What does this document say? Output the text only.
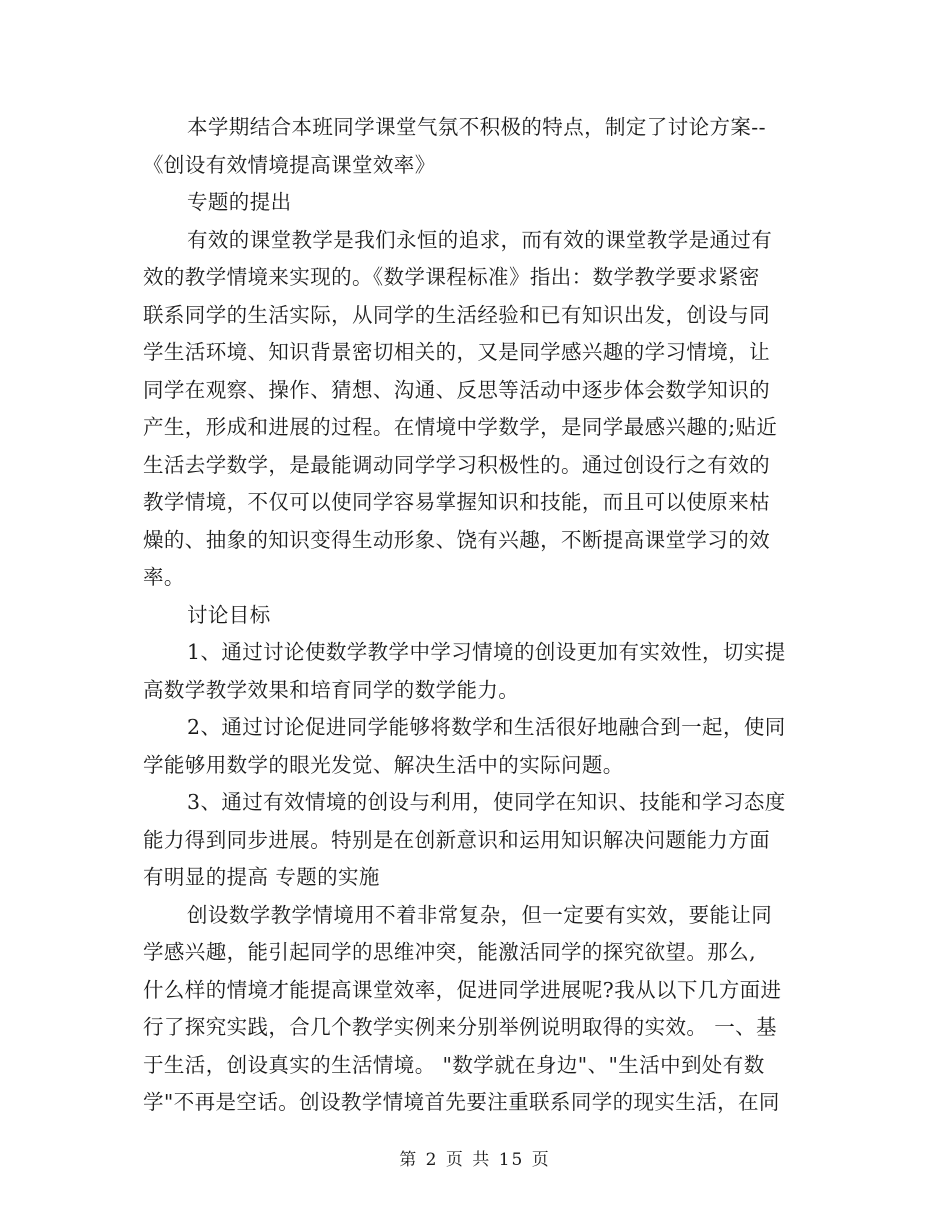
本学期结合本班同学课堂气氛不积极的特点，制定了讨论方案--
《创设有效情境提高课堂效率》
专题的提出
有效的课堂教学是我们永恒的追求，而有效的课堂教学是通过有
效的教学情境来实现的。《数学课程标准》指出：数学教学要求紧密
联系同学的生活实际，从同学的生活经验和已有知识出发，创设与同
学生活环境、知识背景密切相关的，又是同学感兴趣的学习情境，让
同学在观察、操作、猜想、沟通、反思等活动中逐步体会数学知识的
产生，形成和进展的过程。在情境中学数学，是同学最感兴趣的;贴近
生活去学数学，是最能调动同学学习积极性的。通过创设行之有效的
教学情境，不仅可以使同学容易掌握知识和技能，而且可以使原来枯
燥的、抽象的知识变得生动形象、饶有兴趣，不断提高课堂学习的效
率。
讨论目标
1、通过讨论使数学教学中学习情境的创设更加有实效性，切实提
高数学教学效果和培育同学的数学能力。
2、通过讨论促进同学能够将数学和生活很好地融合到一起，使同
学能够用数学的眼光发觉、解决生活中的实际问题。
3、通过有效情境的创设与利用，使同学在知识、技能和学习态度
能力得到同步进展。特别是在创新意识和运用知识解决问题能力方面
有明显的提高 专题的实施
创设数学教学情境用不着非常复杂，但一定要有实效，要能让同
学感兴趣，能引起同学的思维冲突，能激活同学的探究欲望。那么,
什么样的情境才能提高课堂效率，促进同学进展呢?我从以下几方面进
行了探究实践，合几个教学实例来分别举例说明取得的实效。 一、基
于生活，创设真实的生活情境。 "数学就在身边"、"生活中到处有数
学"不再是空话。创设教学情境首先要注重联系同学的现实生活，在同
第 2 页 共 15 页
